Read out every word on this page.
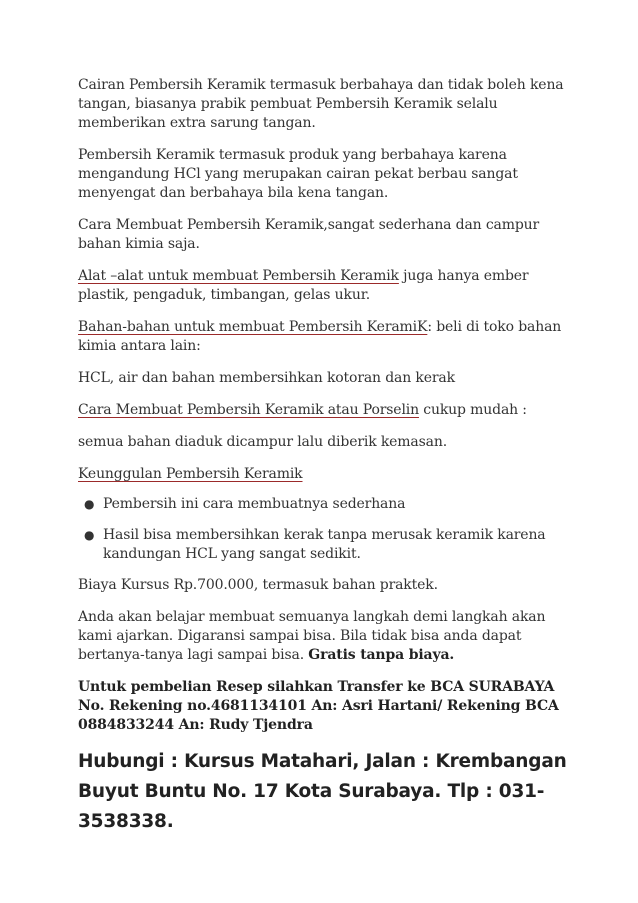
Cairan Pembersih Keramik termasuk berbahaya dan tidak boleh kena tangan, biasanya prabik pembuat Pembersih Keramik selalu memberikan extra sarung tangan.

Pembersih Keramik termasuk produk yang berbahaya karena mengandung HCl yang merupakan cairan pekat berbau sangat menyengat dan berbahaya bila kena tangan.

Cara Membuat Pembersih Keramik,sangat sederhana dan campur bahan kimia saja.

Alat –alat untuk membuat Pembersih Keramik juga hanya ember plastik, pengaduk, timbangan, gelas ukur.

Bahan-bahan untuk membuat Pembersih KeramiK: beli di toko bahan kimia antara lain:

HCL, air dan bahan membersihkan kotoran dan kerak

Cara Membuat Pembersih Keramik atau Porselin cukup mudah :

semua bahan diaduk dicampur lalu diberik kemasan.

Keunggulan Pembersih Keramik

● Pembersih ini cara membuatnya sederhana
● Hasil bisa membersihkan kerak tanpa merusak keramik karena kandungan HCL yang sangat sedikit.

Biaya Kursus Rp.700.000, termasuk bahan praktek.

Anda akan belajar membuat semuanya langkah demi langkah akan kami ajarkan. Digaransi sampai bisa. Bila tidak bisa anda dapat bertanya-tanya lagi sampai bisa. Gratis tanpa biaya.

Untuk pembelian Resep silahkan Transfer ke BCA SURABAYA No. Rekening no.4681134101 An: Asri Hartani/ Rekening BCA 0884833244 An: Rudy Tjendra

Hubungi : Kursus Matahari, Jalan : Krembangan Buyut Buntu No. 17 Kota Surabaya. Tlp : 031-3538338.
